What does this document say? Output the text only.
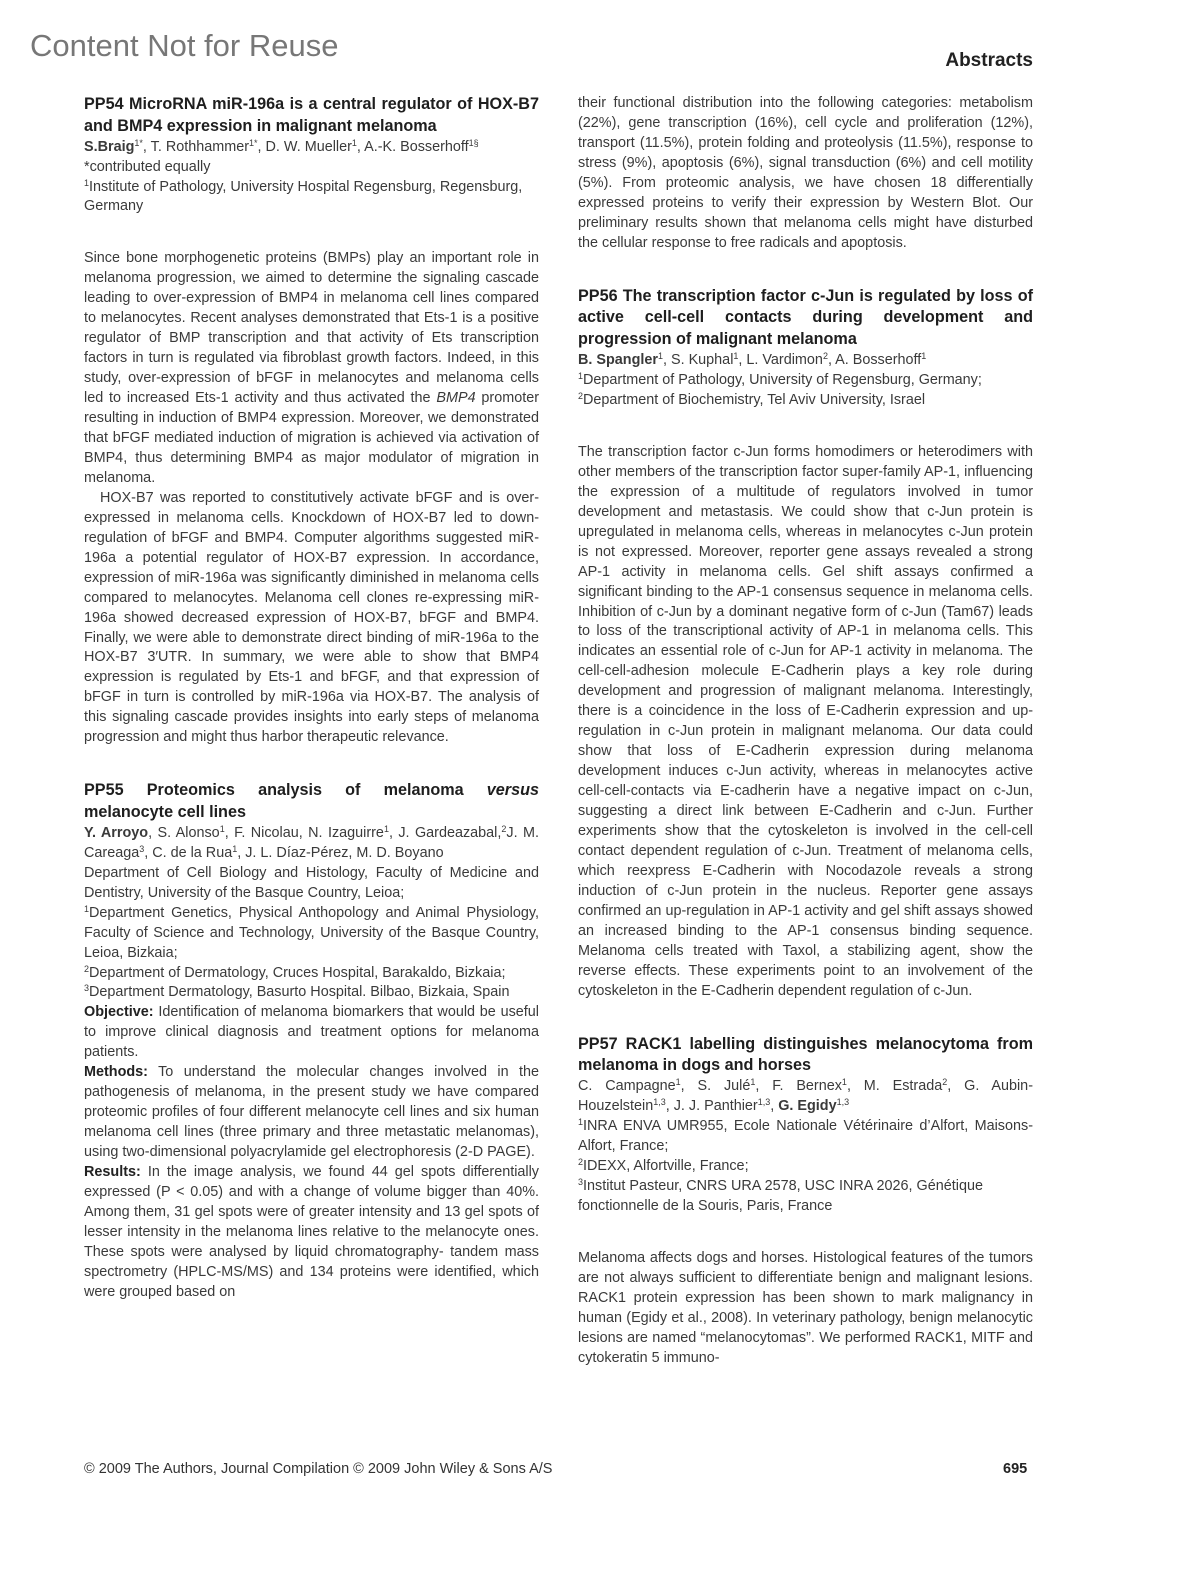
Content Not for Reuse	Abstracts
PP54 MicroRNA miR-196a is a central regulator of HOX-B7 and BMP4 expression in malignant melanoma

S.Braig$^{1*}$, T. Rothhammer$^{1*}$, D. W. Mueller$^1$, A.-K. Bosserhoff$^{1\S}$

*contributed equally

$^1$Institute of Pathology, University Hospital Regensburg, Regensburg, Germany

Since bone morphogenetic proteins (BMPs) play an important role in melanoma progression, we aimed to determine the signaling cascade leading to over-expression of BMP4 in melanoma cell lines compared to melanocytes. Recent analyses demonstrated that Ets-1 is a positive regulator of BMP transcription and that activity of Ets transcription factors in turn is regulated via fibroblast growth factors. Indeed, in this study, over-expression of bFGF in melanocytes and melanoma cells led to increased Ets-1 activity and thus activated the BMP4 promoter resulting in induction of BMP4 expression. Moreover, we demonstrated that bFGF mediated induction of migration is achieved via activation of BMP4, thus determining BMP4 as major modulator of migration in melanoma.

HOX-B7 was reported to constitutively activate bFGF and is over-expressed in melanoma cells. Knockdown of HOX-B7 led to down-regulation of bFGF and BMP4. Computer algorithms suggested miR-196a a potential regulator of HOX-B7 expression. In accordance, expression of miR-196a was significantly diminished in melanoma cells compared to melanocytes. Melanoma cell clones re-expressing miR-196a showed decreased expression of HOX-B7, bFGF and BMP4. Finally, we were able to demonstrate direct binding of miR-196a to the HOX-B7 3′UTR. In summary, we were able to show that BMP4 expression is regulated by Ets-1 and bFGF, and that expression of bFGF in turn is controlled by miR-196a via HOX-B7. The analysis of this signaling cascade provides insights into early steps of melanoma progression and might thus harbor therapeutic relevance.

PP55 Proteomics analysis of melanoma versus melanocyte cell lines

Y. Arroyo, S. Alonso$^1$, F. Nicolau, N. Izaguirre$^1$, J. Gardeazabal,$^2$J. M. Careaga$^3$, C. de la Rua$^1$, J. L. Díaz-Pérez, M. D. Boyano

Department of Cell Biology and Histology, Faculty of Medicine and Dentistry, University of the Basque Country, Leioa;

$^1$Department Genetics, Physical Anthopology and Animal Physiology, Faculty of Science and Technology, University of the Basque Country, Leioa, Bizkaia;

$^2$Department of Dermatology, Cruces Hospital, Barakaldo, Bizkaia;

$^3$Department Dermatology, Basurto Hospital. Bilbao, Bizkaia, Spain

Objective: Identification of melanoma biomarkers that would be useful to improve clinical diagnosis and treatment options for melanoma patients.

Methods: To understand the molecular changes involved in the pathogenesis of melanoma, in the present study we have compared proteomic profiles of four different melanocyte cell lines and six human melanoma cell lines (three primary and three metastatic melanomas), using two-dimensional polyacrylamide gel electrophoresis (2-D PAGE).

Results: In the image analysis, we found 44 gel spots differentially expressed (P < 0.05) and with a change of volume bigger than 40%. Among them, 31 gel spots were of greater intensity and 13 gel spots of lesser intensity in the melanoma lines relative to the melanocyte ones. These spots were analysed by liquid chromatography- tandem mass spectrometry (HPLC-MS/MS) and 134 proteins were identified, which were grouped based on

their functional distribution into the following categories: metabolism (22%), gene transcription (16%), cell cycle and proliferation (12%), transport (11.5%), protein folding and proteolysis (11.5%), response to stress (9%), apoptosis (6%), signal transduction (6%) and cell motility (5%). From proteomic analysis, we have chosen 18 differentially expressed proteins to verify their expression by Western Blot. Our preliminary results shown that melanoma cells might have disturbed the cellular response to free radicals and apoptosis.

PP56 The transcription factor c-Jun is regulated by loss of active cell-cell contacts during development and progression of malignant melanoma

B. Spangler$^1$, S. Kuphal$^1$, L. Vardimon$^2$, A. Bosserhoff$^1$

$^1$Department of Pathology, University of Regensburg, Germany;

$^2$Department of Biochemistry, Tel Aviv University, Israel

The transcription factor c-Jun forms homodimers or heterodimers with other members of the transcription factor super-family AP-1, influencing the expression of a multitude of regulators involved in tumor development and metastasis. We could show that c-Jun protein is upregulated in melanoma cells, whereas in melanocytes c-Jun protein is not expressed. Moreover, reporter gene assays revealed a strong AP-1 activity in melanoma cells. Gel shift assays confirmed a significant binding to the AP-1 consensus sequence in melanoma cells. Inhibition of c-Jun by a dominant negative form of c-Jun (Tam67) leads to loss of the transcriptional activity of AP-1 in melanoma cells. This indicates an essential role of c-Jun for AP-1 activity in melanoma. The cell-cell-adhesion molecule E-Cadherin plays a key role during development and progression of malignant melanoma. Interestingly, there is a coincidence in the loss of E-Cadherin expression and up-regulation in c-Jun protein in malignant melanoma. Our data could show that loss of E-Cadherin expression during melanoma development induces c-Jun activity, whereas in melanocytes active cell-cell-contacts via E-cadherin have a negative impact on c-Jun, suggesting a direct link between E-Cadherin and c-Jun. Further experiments show that the cytoskeleton is involved in the cell-cell contact dependent regulation of c-Jun. Treatment of melanoma cells, which reexpress E-Cadherin with Nocodazole reveals a strong induction of c-Jun protein in the nucleus. Reporter gene assays confirmed an up-regulation in AP-1 activity and gel shift assays showed an increased binding to the AP-1 consensus binding sequence. Melanoma cells treated with Taxol, a stabilizing agent, show the reverse effects. These experiments point to an involvement of the cytoskeleton in the E-Cadherin dependent regulation of c-Jun.

PP57 RACK1 labelling distinguishes melanocytoma from melanoma in dogs and horses

C. Campagne$^1$, S. Julé$^1$, F. Bernex$^1$, M. Estrada$^2$, G. Aubin-Houzelstein$^{1,3}$, J. J. Panthier$^{1,3}$, G. Egidy$^{1,3}$

$^1$INRA ENVA UMR955, Ecole Nationale Vétérinaire d’Alfort, Maisons-Alfort, France;

$^2$IDEXX, Alfortville, France;

$^3$Institut Pasteur, CNRS URA 2578, USC INRA 2026, Génétique fonctionnelle de la Souris, Paris, France

Melanoma affects dogs and horses. Histological features of the tumors are not always sufficient to differentiate benign and malignant lesions. RACK1 protein expression has been shown to mark malignancy in human (Egidy et al., 2008). In veterinary pathology, benign melanocytic lesions are named “melanocytomas”. We performed RACK1, MITF and cytokeratin 5 immuno-

© 2009 The Authors, Journal Compilation © 2009 John Wiley & Sons A/S	695
